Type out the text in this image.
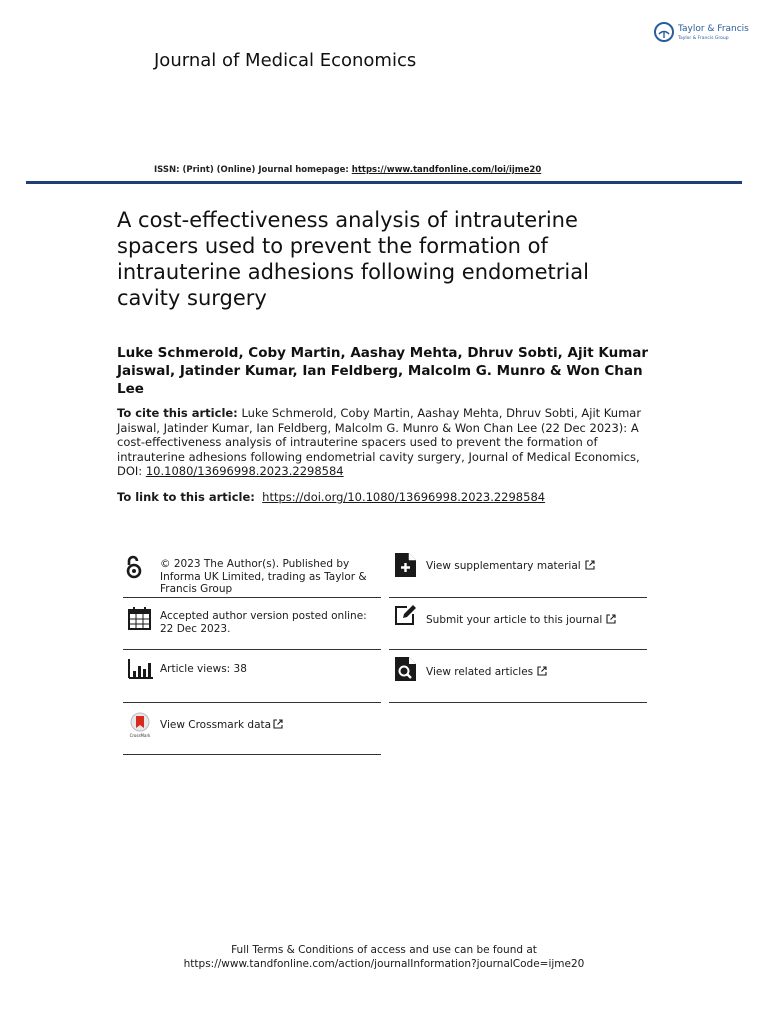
Taylor & Francis
Taylor & Francis Group
Journal of Medical Economics
ISSN: (Print) (Online) Journal homepage: https://www.tandfonline.com/loi/ijme20
A cost-effectiveness analysis of intrauterine spacers used to prevent the formation of intrauterine adhesions following endometrial cavity surgery
Luke Schmerold, Coby Martin, Aashay Mehta, Dhruv Sobti, Ajit Kumar Jaiswal, Jatinder Kumar, Ian Feldberg, Malcolm G. Munro & Won Chan Lee
To cite this article: Luke Schmerold, Coby Martin, Aashay Mehta, Dhruv Sobti, Ajit Kumar Jaiswal, Jatinder Kumar, Ian Feldberg, Malcolm G. Munro & Won Chan Lee (22 Dec 2023): A cost-effectiveness analysis of intrauterine spacers used to prevent the formation of intrauterine adhesions following endometrial cavity surgery, Journal of Medical Economics, DOI: 10.1080/13696998.2023.2298584
To link to this article: https://doi.org/10.1080/13696998.2023.2298584
© 2023 The Author(s). Published by Informa UK Limited, trading as Taylor & Francis Group
Accepted author version posted online: 22 Dec 2023.
Article views: 38
CrossMark
View Crossmark data
View supplementary material
Submit your article to this journal
View related articles
Full Terms & Conditions of access and use can be found at
https://www.tandfonline.com/action/journalInformation?journalCode=ijme20
